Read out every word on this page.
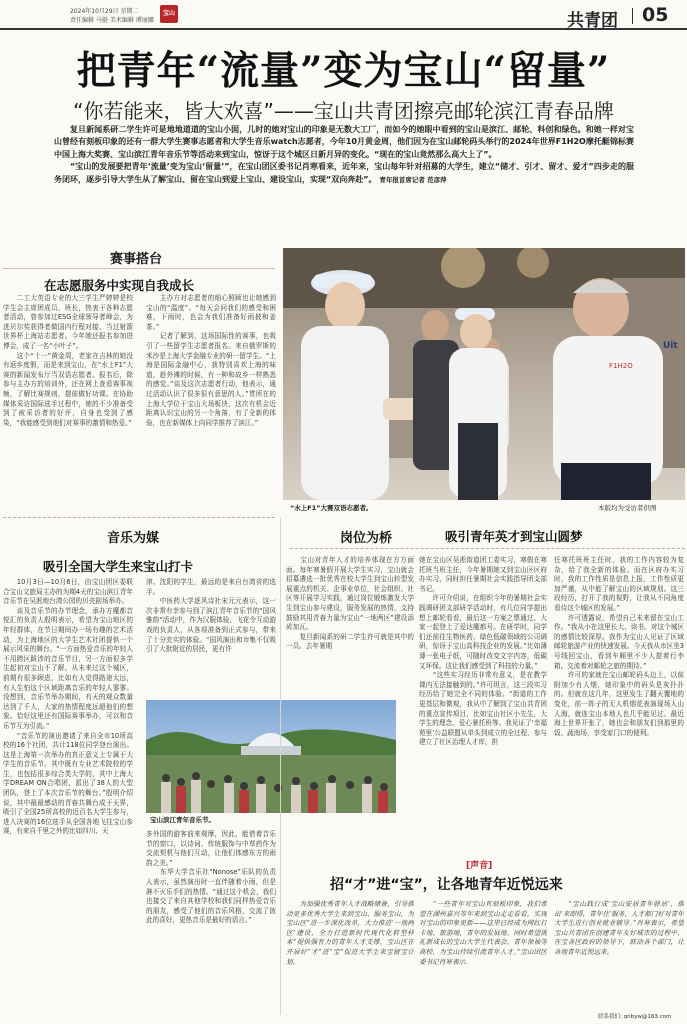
2024年10月29日 星期二
责任编辑 马挺 美术编辑 谭丽娜
宝山	共青团 05
把青年“流量”变为宝山“留量”
“你若能来，皆大欢喜”——宝山共青团擦亮邮轮滨江青春品牌
复旦新闻系研二学生许可是地地道道的宝山小囡，儿时的她对宝山的印象是无数大工厂，而如今的她眼中看到的宝山是滨江、邮轮、科创和绿色。和她一样对宝山曾经有刻板印象的还有一群大学生赛事志愿者和大学生音乐watch志愿者，今年10月黄金周，他们因为在宝山邮轮码头举行的2024年世界F1H2O摩托艇锦标赛中国上海大奖赛、宝山滨江青年音乐节等活动来到宝山，惊讶于这个城区日新月异的变化。“现在的宝山竟然那么高大上了”。
“宝山的发展要把青年‘流量’变为宝山‘留量’”，在宝山团区委书记肖寒看来，近年来，宝山每年针对招募的大学生，建立“储才、引才、留才、爱才”四步走的服务闭环，逐步引导大学生从了解宝山、留在宝山到爱上宝山、建设宝山，实现“双向奔赴”。 青年报首席记者 范彦萍
赛事搭台
在志愿服务中实现自我成长
　　二工大英语专业的大三学生严婷婷是校学生会主席团成员、班长，热衷于各种志愿者活动，曾参加过ESG全球领导者峰会，为进贝尔奖获得者做国内行程对接，当过射箭世界杯上海站志愿者。今年她还报名参加进博会，成了一名“小叶子”。
　　这个“十一”黄金周，老家在吉林的她没有返乡度假，而是来到宝山，在“水上F1”大赛的新闻发布厅当双语志愿者。报名后，除参与主办方的培训外，还在网上查看赛事视频，了解比赛规则，提前做好功课。在协助媒体采访国际选手过程中，她的不少准备受到了被采访者的好评，自身也受到了感染，“我能感受到他们对赛事的激情和热爱。”
　　主办方对志愿者的细心照顾也让她感到宝山的“温度”。“每天会问我们的感受和困难，下雨时，也会为我们准备好雨披和姜茶。”
　　记者了解到，这场国际性的赛事，也吸引了一些留学生志愿者报名。来自俄罗斯的米沙是上海大学金融专业的研一留学生。“上海是国际金融中心，我特别喜欢上海的味道，趁外滩的时候，有一种和故乡一样熟悉的感觉。”谈及这次志愿者行动，他表示，通过活动认识了很多很有意思的人。”贯所在的上海大学位于宝山大场板块，这次有机会近距离认识宝山的另一个角落，有了全新的体验，也在新媒体上向同学推荐了滨江。”
F1H2O
Uit
“水上F1”大赛双语志愿者。	本版均为受访者供图
音乐为媒
吸引全国大学生来宝山打卡
　　10月3日—10月6日，由宝山团区委联合宝山文旅局主办的为期4天的宝山滨江青年音乐节在吴淞炮台湾公园的贝壳剧场举办。
　　谈及音乐节的办节理念，承办方魔都音悦汇的负责人殷明表示，希望为宝山地区的年轻群体，在节日期间办一场有趣的艺术活动，为上海地区的大学生艺术社团提供一个展示风采的舞台。“一方面热爱音乐的年轻人不用跨区跋涉的音乐节目，另一方面很多学生起初对宝山不了解，从未来过这个城区，前期有很多顾虑，比如有人觉得路途太远，有人生怕这个区域距离音乐的年轻人寥寥。没想到，音乐节举办期间，有天的观众数量达到了千人，大家的热情程度远超他们的想象。恰好这里还有国际赛事举办，可以和音乐节互为引流。”
　　“音乐节的演出邀请了来自全市10所高校的16个社团，共计118位同学登台演出。这是上海第一次举办的真正意义上专属于大学生的音乐节。其中既有专业艺术院校的学生，也包括很多综合类大学的，其中上海大学DREAM ON合唱团，派出了38人的大型团队，登上了本次音乐节的舞台。”殷明介绍说，其中最最感动的青春共舞台成于天界，吸引了全国25所高校的近百名大学生参与，进入决赛的16位选手从全国各地飞往宝山参赛，有来自千里之外的比如四川、天
津、沈阳的学生，最远的是来自台湾省的选手。
　　中医药大学逐风诗社宋元元表示，这一次非常有幸参与到了滨江青年音乐节的“国风雅韵”活动中，作为汉服体验、飞花令互动游戏的负责人，从各项准备到正式参与，带来了十分充实的体验。“国风演出和市集不仅吸引了大批附近的居民，更有许
宝山滨江青年音乐节。
多外国的游客前来观摩，因此，能借着音乐节的窗口，以诗词、传统服饰与中草药作为交流契机与他们互动，让他们体感东方的雨韵之美。”
　　东华大学音乐社“Nonose”乐队的负责人表示，虽然演出时一直伴随着小雨，但是淋不灭乐手们的热情。“通过这个机会，我们也接交了来自其他学校和我们同样热爱音乐的朋友，感受了他们的音乐风格，交流了彼此的喜好，更热音乐是最好的语言。”
岗位为桥	吸引青年英才到宝山圆梦
　　宝山对青年人才的培养体现在方方面面。每年寒暑假开展大学生实习，宝山就会招募遴选一批优秀在校大学生到宝山转型发展重点的机关、企事业单位，社会组织、社区等开展学习实践，通过岗位锻炼激发大学生到宝山参与建设，服务发展的热情，支持鼓励其用青春力量为宝山“一地两区”建设添砖加瓦。
　　复旦新闻系的研二学生许可就是其中的一员。去年暑期
她在宝山区吴淞街道团工委实习，寒假在寒托班当班主任，今年暑期她又到宝山区区府办实习，同时担任暑期社会实践指导团支部书记。
　　许可介绍说，在组织今年的暑期社会实践调研团支部研学活动时，有几位同学提出想上邮轮看看，最后这一方案之票通过，大家一起登上了爱达魔都号。在研学时，同学们还前往生物医药、绿色低碳领域的公司调研，惊讶于宝山高科技企业的发展。”比如薄薄一张电子纸，可随时改变文字内容，低碳又环保。这让我们感受到了科技的力量。”
　　“这些实习经历非常有意义，是在教学课内无法接触到的。”许可坦言，这三段实习经历给了她完全不同的体验。“街道的工作更基层和微观，我从中了解到了宝山共青团的重点宣传项目，比如宝山社区小先生，大学生的理念，爱心暑托班等。我见证了‘幸福苑里’公益联盟从单头到成立的全过程，参与建立了社区治理人才库，担
任寒托班班主任时，我的工作内容较为复杂，给了我全新的体验。而在区府办实习时，我的工作性质是信息上报，工作性质更加严谨，从中能了解宝山的区域规划。这三段经历，打开了我的视野，让我从不同角度看待这个城区的发展。”
　　许可透露说，希望自己未来留在宝山工作。“我从小在这里长大、读书。对这个城区的感情比较深厚。我作为宝山人见证了区域邮轮旅游产业的快速发展。今天我从市区坐3号线回宝山，看到车厢里不少人提着行李箱，交流着对邮轮之旅的期待。”
　　许可的家就在宝山邮轮码头边上，以前附加少有人烟，她印象中的码头是灰扑扑的。但就在这几年，这里发生了翻天覆地的变化，前一阵子的无人机烟花表演现场人山人海，就连宝山本地人也几乎能见过。最近海上世界开张了，她也会和朋友们到那里的饭、蔬南场，享受家门口的便利。
[声音]
招“才”进“宝”，让各地青年近悦远来
　　为加强优秀青年人才战略储备，引导推动更多优秀大学生来到宝山、服务宝山，为宝山区“进一步深化改革，大力推进‘一地两区’建设，全力打造新时代现代化转型样本”提供强有力的青年人才支撑，宝山区在开展好“才”进“宝”促进大学生来宝留宝计划。
　　“一些青年对宝山有刻板印象，我们希望在湖州嘉兴等年来到宝山走走看看，实现对宝山的印象更新——这里已经成为网红打卡地、旅游地，青年的发展地。同时希望挑礼新成长的宝山大学生代表会、青年领袖等高校，为宝山持续引流青年人才。”宝山团区委书记肖寒表示。
　　“宝山践行成‘宝山安居青年驿站’，推出‘来即得，青年住’服务，人才都门好对青年大学生进行创业就业辅导。”肖寒表示，希望宝山共青团在创建青年友好城市的过程中，在宝各区政府的领导下，联动各个部门，让各地青年近悦远来。
联系我们: qnbyw@163.com
